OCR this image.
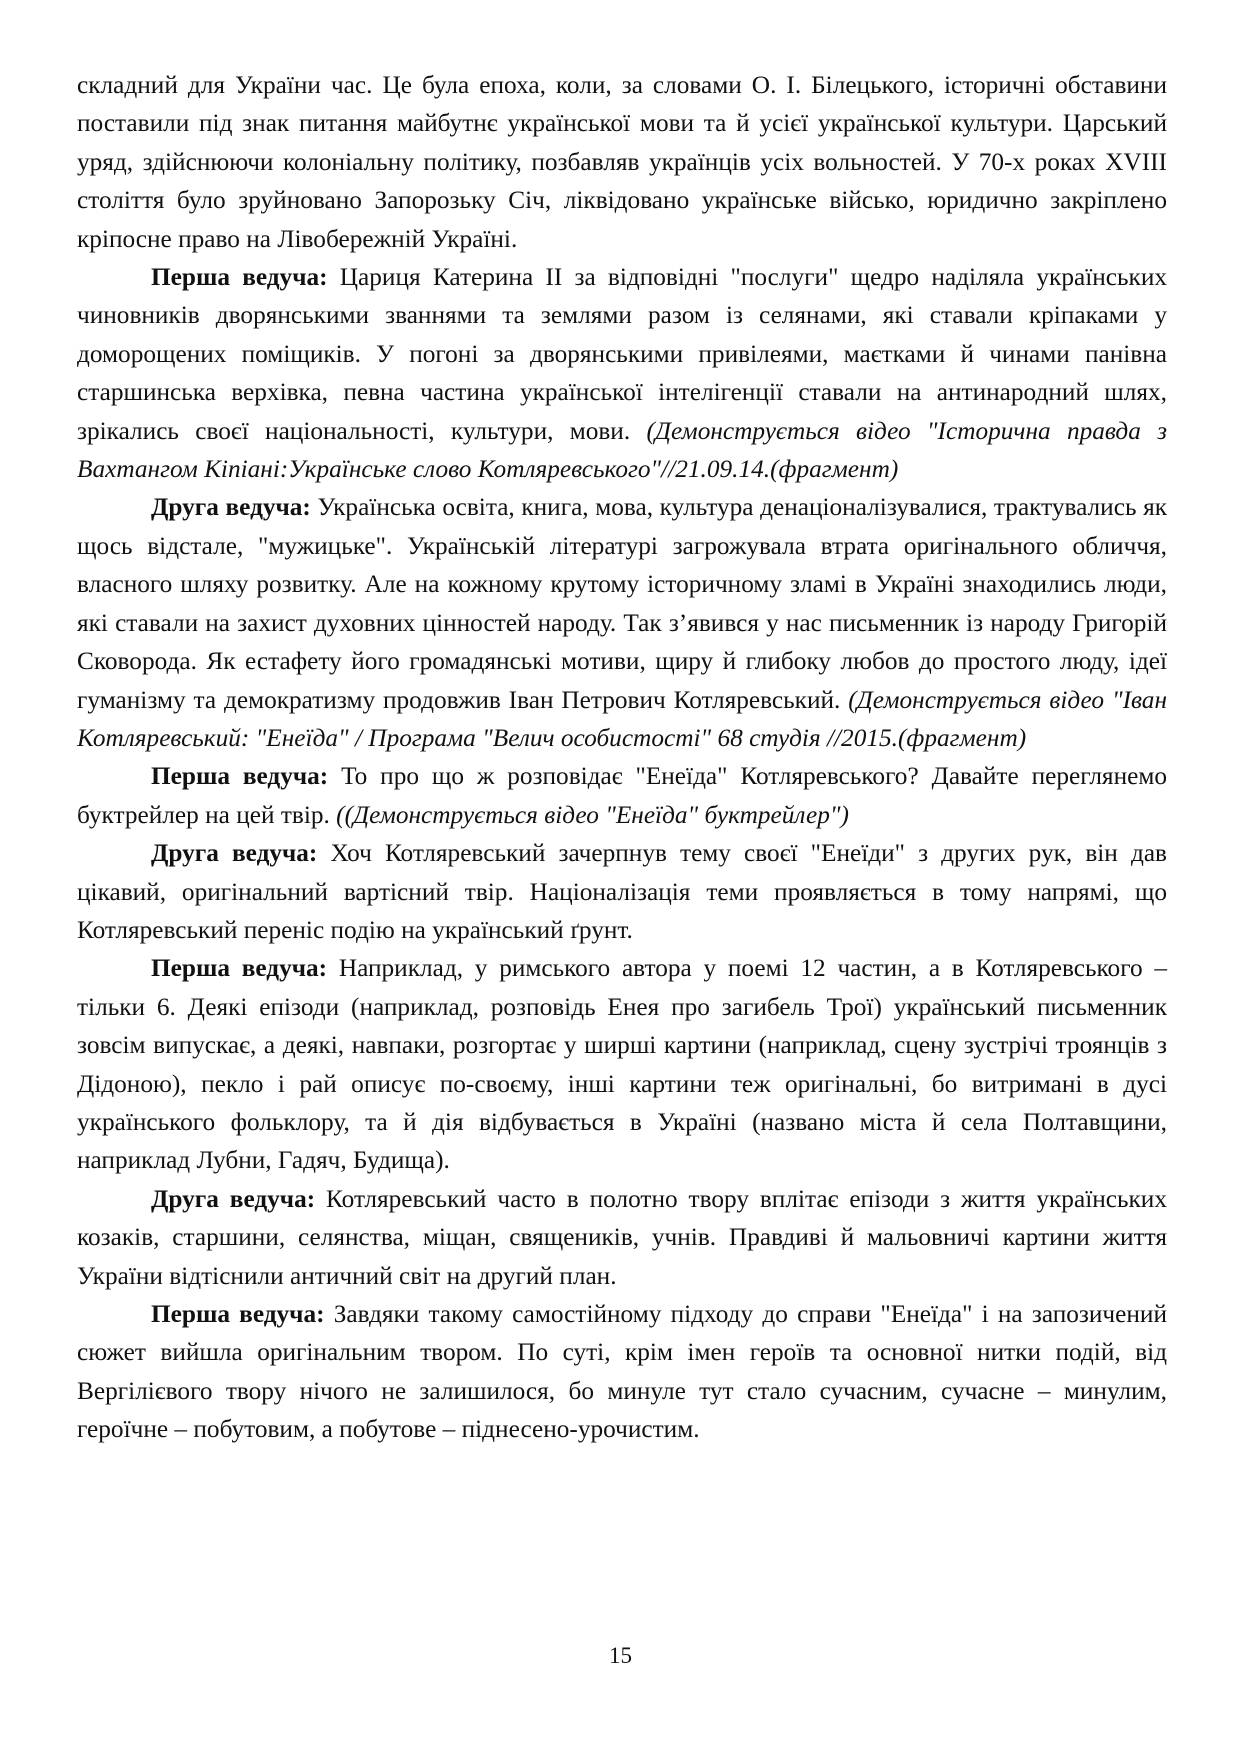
складний для України час. Це була епоха, коли, за словами О. І. Білецького, історичні обставини поставили під знак питання майбутнє української мови та й усієї української культури. Царський уряд, здійснюючи колоніальну політику, позбавляв українців усіх вольностей. У 70-х роках XVIII століття було зруйновано Запорозьку Січ, ліквідовано українське військо, юридично закріплено кріпосне право на Лівобережній Україні.

Перша ведуча: Цариця Катерина ІІ за відповідні "послуги" щедро наділяла українських чиновників дворянськими званнями та землями разом із селянами, які ставали кріпаками у доморощених поміщиків. У погоні за дворянськими привілеями, маєтками й чинами панівна старшинська верхівка, певна частина української інтелігенції ставали на антинародний шлях, зрікались своєї національності, культури, мови. (Демонструється відео "Історична правда з Вахтангом Кіпіані:Українське слово Котляревського"//21.09.14.(фрагмент)

Друга ведуча: Українська освіта, книга, мова, культура денаціоналізувалися, трактувались як щось відстале, "мужицьке". Українській літературі загрожувала втрата оригінального обличчя, власного шляху розвитку. Але на кожному крутому історичному зламі в Україні знаходились люди, які ставали на захист духовних цінностей народу. Так з’явився у нас письменник із народу Григорій Сковорода. Як естафету його громадянські мотиви, щиру й глибоку любов до простого люду, ідеї гуманізму та демократизму продовжив Іван Петрович Котляревський. (Демонструється відео "Іван Котляревський: "Енеїда" / Програма "Велич особистості" 68 студія //2015.(фрагмент)

Перша ведуча: То про що ж розповідає "Енеїда" Котляревського? Давайте переглянемо буктрейлер на цей твір. ((Демонструється відео "Енеїда" буктрейлер")

Друга ведуча: Хоч Котляревський зачерпнув тему своєї "Енеїди" з других рук, він дав цікавий, оригінальний вартісний твір. Націоналізація теми проявляється в тому напрямі, що Котляревський переніс подію на український ґрунт.

Перша ведуча: Наприклад, у римського автора у поемі 12 частин, а в Котляревського – тільки 6. Деякі епізоди (наприклад, розповідь Енея про загибель Трої) український письменник зовсім випускає, а деякі, навпаки, розгортає у ширші картини (наприклад, сцену зустрічі троянців з Дідоною), пекло і рай описує по-своєму, інші картини теж оригінальні, бо витримані в дусі українського фольклору, та й дія відбувається в Україні (названо міста й села Полтавщини, наприклад Лубни, Гадяч, Будища).

Друга ведуча: Котляревський часто в полотно твору вплітає епізоди з життя українських козаків, старшини, селянства, міщан, священиків, учнів. Правдиві й мальовничі картини життя України відтіснили античний світ на другий план.

Перша ведуча: Завдяки такому самостійному підходу до справи "Енеїда" і на запозичений сюжет вийшла оригінальним твором. По суті, крім імен героїв та основної нитки подій, від Вергілієвого твору нічого не залишилося, бо минуле тут стало сучасним, сучасне – минулим, героїчне – побутовим, а побутове – піднесено-урочистим.

15
